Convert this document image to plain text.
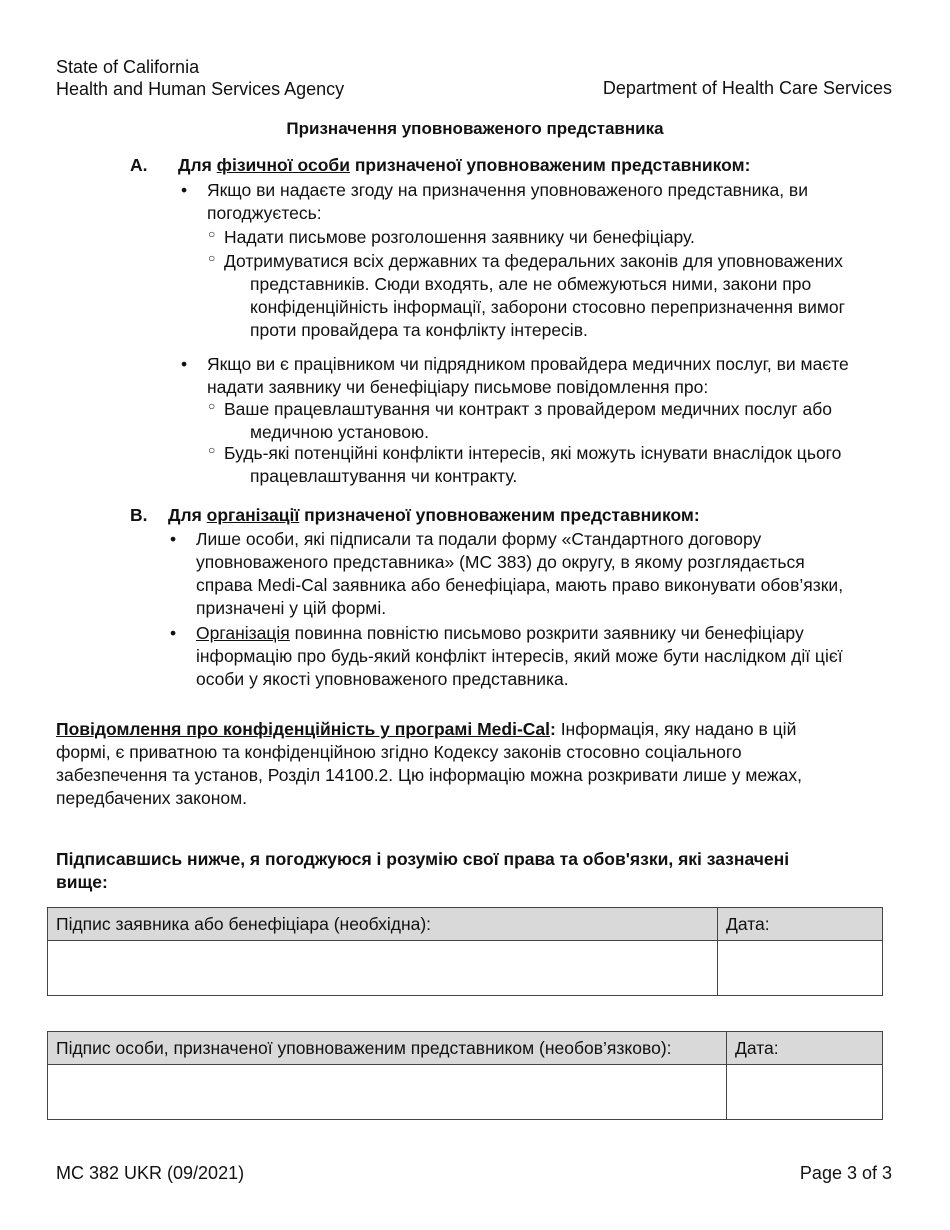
State of California
Health and Human Services Agency	Department of Health Care Services
Призначення уповноваженого представника
A. Для фізичної особи призначеної уповноваженим представником:
• Якщо ви надаєте згоду на призначення уповноваженого представника, ви
погоджуєтесь:
○ Надати письмове розголошення заявнику чи бенефіціару.
○ Дотримуватися всіх державних та федеральних законів для уповноважених
представників. Сюди входять, але не обмежуються ними, закони про
конфіденційність інформації, заборони стосовно перепризначення вимог
проти провайдера та конфлікту інтересів.
• Якщо ви є працівником чи підрядником провайдера медичних послуг, ви маєте
надати заявнику чи бенефіціару письмове повідомлення про:
○ Ваше працевлаштування чи контракт з провайдером медичних послуг або
медичною установою.
○ Будь-які потенційні конфлікти інтересів, які можуть існувати внаслідок цього
працевлаштування чи контракту.
B. Для організації призначеної уповноваженим представником:
• Лише особи, які підписали та подали форму «Стандартного договору
уповноваженого представника» (MC 383) до округу, в якому розглядається
справа Medi-Cal заявника або бенефіціара, мають право виконувати обов’язки,
призначені у цій формі.
• Організація повинна повністю письмово розкрити заявнику чи бенефіціару
інформацію про будь-який конфлікт інтересів, який може бути наслідком дії цієї
особи у якості уповноваженого представника.
Повідомлення про конфіденційність у програмі Medi-Cal: Інформація, яку надано в цій
формі, є приватною та конфіденційною згідно Кодексу законів стосовно соціального
забезпечення та установ, Розділ 14100.2. Цю інформацію можна розкривати лише у межах,
передбачених законом.
Підписавшись нижче, я погоджуюся і розумію свої права та обов'язки, які зазначені
вище:
Підпис заявника або бенефіціара (необхідна):	Дата:

Підпис особи, призначеної уповноваженим представником (необов’язково):	Дата:

MC 382 UKR (09/2021)	Page 3 of 3
